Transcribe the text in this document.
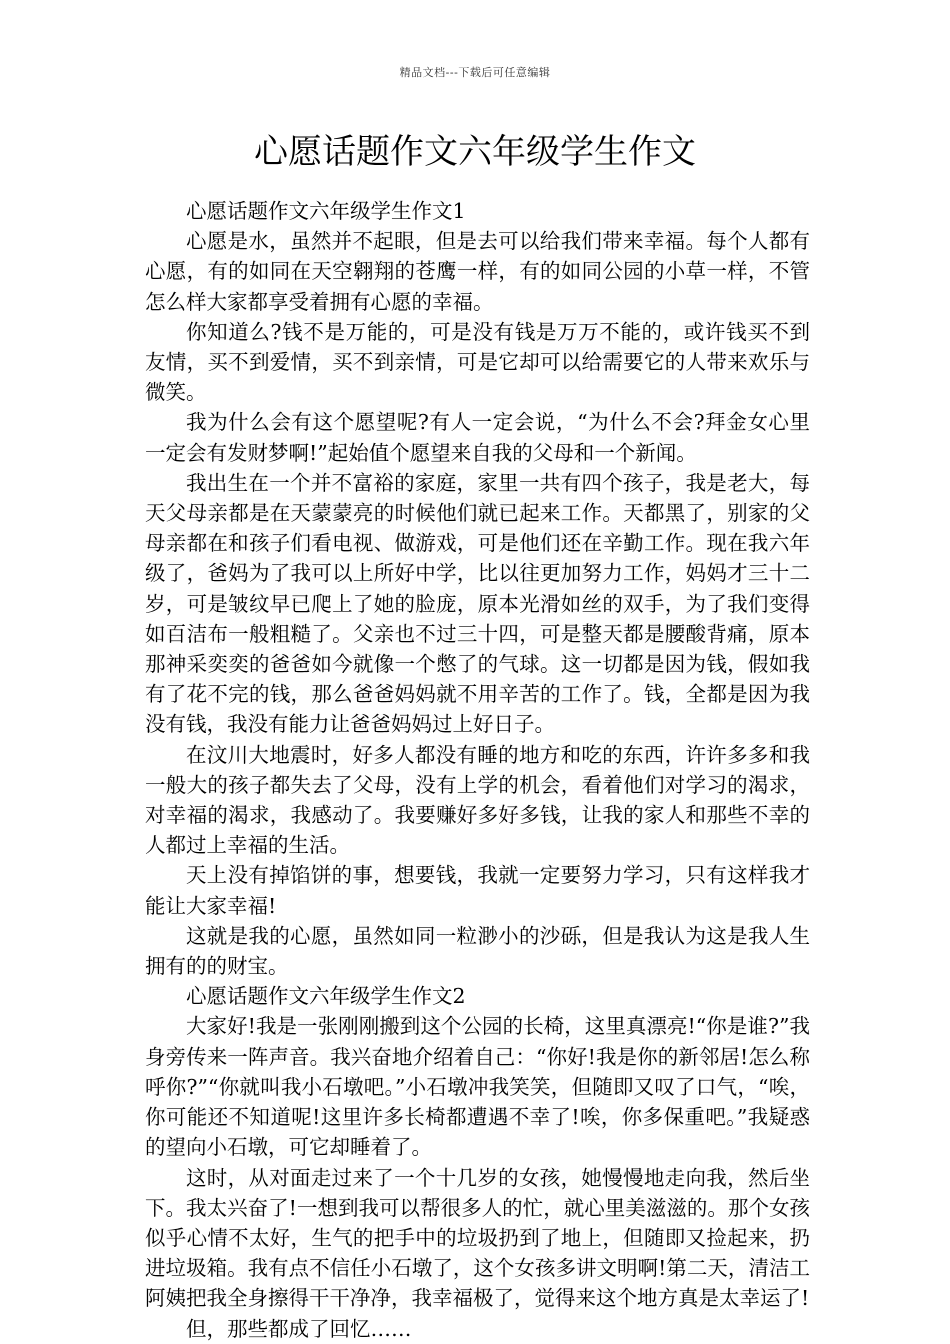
精品文档---下载后可任意编辑
心愿话题作文六年级学生作文

心愿话题作文六年级学生作文1

心愿是水，虽然并不起眼，但是去可以给我们带来幸福。每个人都有心愿，有的如同在天空翱翔的苍鹰一样，有的如同公园的小草一样，不管怎么样大家都享受着拥有心愿的幸福。

你知道么?钱不是万能的，可是没有钱是万万不能的，或许钱买不到友情，买不到爱情，买不到亲情，可是它却可以给需要它的人带来欢乐与微笑。

我为什么会有这个愿望呢?有人一定会说，“为什么不会?拜金女心里一定会有发财梦啊!”起始值个愿望来自我的父母和一个新闻。

我出生在一个并不富裕的家庭，家里一共有四个孩子，我是老大，每天父母亲都是在天蒙蒙亮的时候他们就已起来工作。天都黑了，别家的父母亲都在和孩子们看电视、做游戏，可是他们还在辛勤工作。现在我六年级了，爸妈为了我可以上所好中学，比以往更加努力工作，妈妈才三十二岁，可是皱纹早已爬上了她的脸庞，原本光滑如丝的双手，为了我们变得如百洁布一般粗糙了。父亲也不过三十四，可是整天都是腰酸背痛，原本那神采奕奕的爸爸如今就像一个憋了的气球。这一切都是因为钱，假如我有了花不完的钱，那么爸爸妈妈就不用辛苦的工作了。钱，全都是因为我没有钱，我没有能力让爸爸妈妈过上好日子。

在汶川大地震时，好多人都没有睡的地方和吃的东西，许许多多和我一般大的孩子都失去了父母，没有上学的机会，看着他们对学习的渴求，对幸福的渴求，我感动了。我要赚好多好多钱，让我的家人和那些不幸的人都过上幸福的生活。

天上没有掉馅饼的事，想要钱，我就一定要努力学习，只有这样我才能让大家幸福!

这就是我的心愿，虽然如同一粒渺小的沙砾，但是我认为这是我人生拥有的的财宝。

心愿话题作文六年级学生作文2

大家好!我是一张刚刚搬到这个公园的长椅，这里真漂亮!“你是谁?”我身旁传来一阵声音。我兴奋地介绍着自己：“你好!我是你的新邻居!怎么称呼你?”“你就叫我小石墩吧。”小石墩冲我笑笑，但随即又叹了口气，“唉，你可能还不知道呢!这里许多长椅都遭遇不幸了!唉，你多保重吧。”我疑惑的望向小石墩，可它却睡着了。

这时，从对面走过来了一个十几岁的女孩，她慢慢地走向我，然后坐下。我太兴奋了!一想到我可以帮很多人的忙，就心里美滋滋的。那个女孩似乎心情不太好，生气的把手中的垃圾扔到了地上，但随即又捡起来，扔进垃圾箱。我有点不信任小石墩了，这个女孩多讲文明啊!第二天，清洁工阿姨把我全身擦得干干净净，我幸福极了，觉得来这个地方真是太幸运了!

但，那些都成了回忆……
